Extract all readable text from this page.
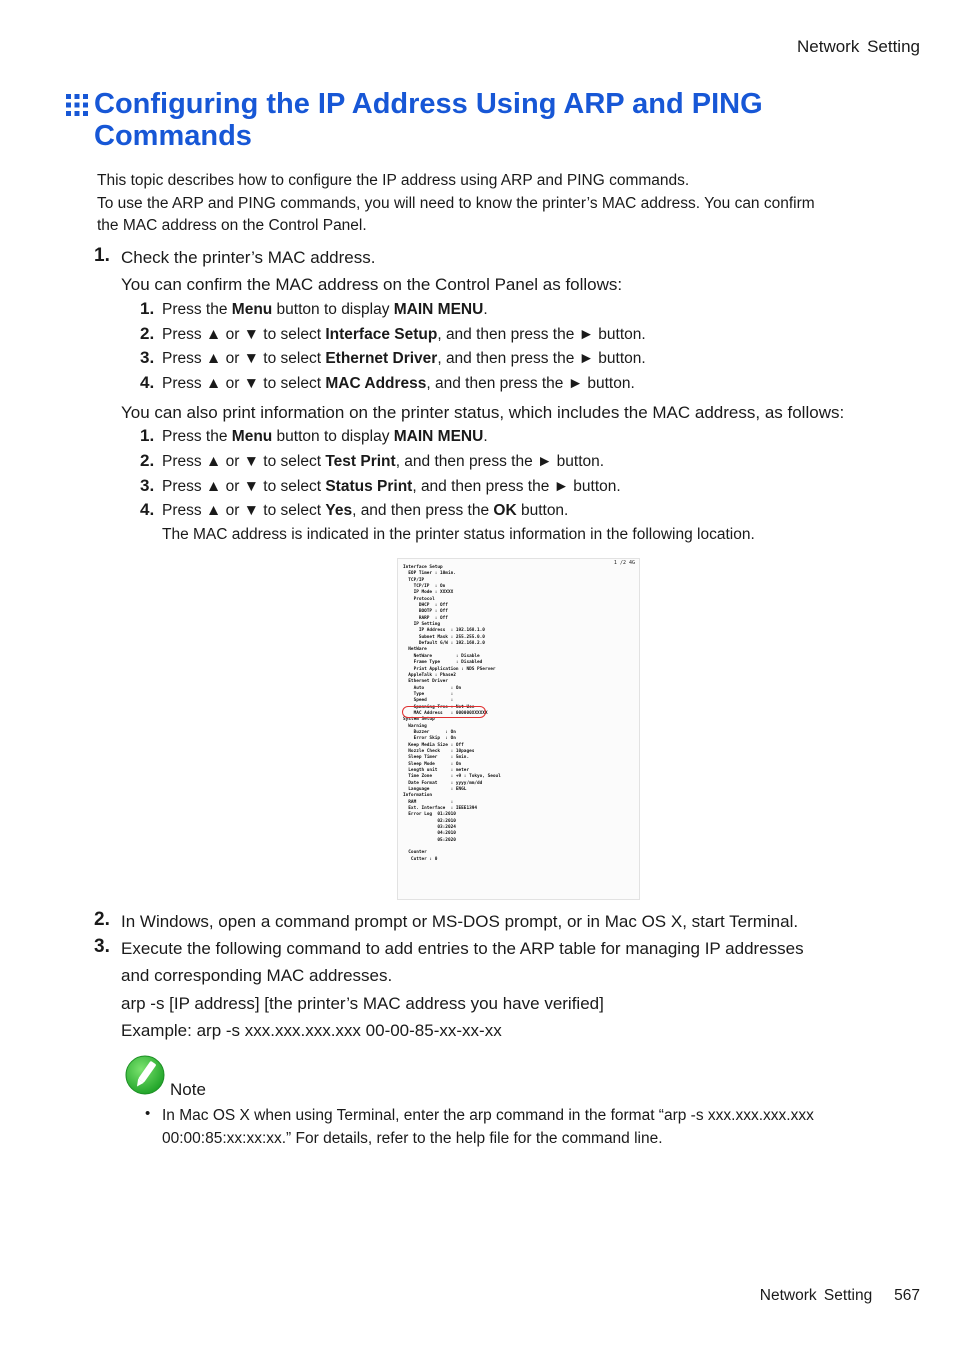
Network Setting
Configuring the IP Address Using ARP and PING Commands
This topic describes how to configure the IP address using ARP and PING commands.
To use the ARP and PING commands, you will need to know the printer’s MAC address. You can confirm
the MAC address on the Control Panel.
1. Check the printer’s MAC address.
You can confirm the MAC address on the Control Panel as follows:
1. Press the Menu button to display MAIN MENU.
2. Press ▲ or ▼ to select Interface Setup, and then press the ► button.
3. Press ▲ or ▼ to select Ethernet Driver, and then press the ► button.
4. Press ▲ or ▼ to select MAC Address, and then press the ► button.
You can also print information on the printer status, which includes the MAC address, as follows:
1. Press the Menu button to display MAIN MENU.
2. Press ▲ or ▼ to select Test Print, and then press the ► button.
3. Press ▲ or ▼ to select Status Print, and then press the ► button.
4. Press ▲ or ▼ to select Yes, and then press the OK button.
The MAC address is indicated in the printer status information in the following location.
1 /2 4G
Interface Setup
EOP Timer : 10min.
TCP/IP
TCP/IP  : On
IP Mode : XXXXX
Protocol
DHCP  : Off
BOOTP : Off
RARP  : Off
IP Setting
IP Address  : 192.168.1.0
Subnet Mask : 255.255.0.0
Default G/W : 192.168.2.0
NetWare
NetWare         : Disable
Frame Type      : Disabled
Print Application : NDS PServer
AppleTalk : Phase2
Ethernet Driver
Auto          : On
Type          :
Speed         :
Spanning Tree : Not Use
MAC Address   : 000000XXXXXX
System Setup
Warning
Buzzer      : On
Error Skip  : On
Keep Media Size : Off
Nozzle Check    : 10pages
Sleep Timer     : 5min.
Sleep Mode      : On
Length unit     : meter
Time Zone       : +9 : Tokyo, Seoul
Date Format     : yyyy/mm/dd
Language        : ENGL
Information
RAM             :
Ext. Interface  : IEEE1394
Error Log  01:2010
02:2010
03:2024
04:2010
05:2020

Counter
Cutter : 0
2. In Windows, open a command prompt or MS-DOS prompt, or in Mac OS X, start Terminal.
3. Execute the following command to add entries to the ARP table for managing IP addresses
and corresponding MAC addresses.
arp -s [IP address] [the printer’s MAC address you have verified]
Example: arp -s xxx.xxx.xxx.xxx 00-00-85-xx-xx-xx
Note
• In Mac OS X when using Terminal, enter the arp command in the format “arp -s xxx.xxx.xxx.xxx
00:00:85:xx:xx:xx.” For details, refer to the help file for the command line.
Network Setting 567
